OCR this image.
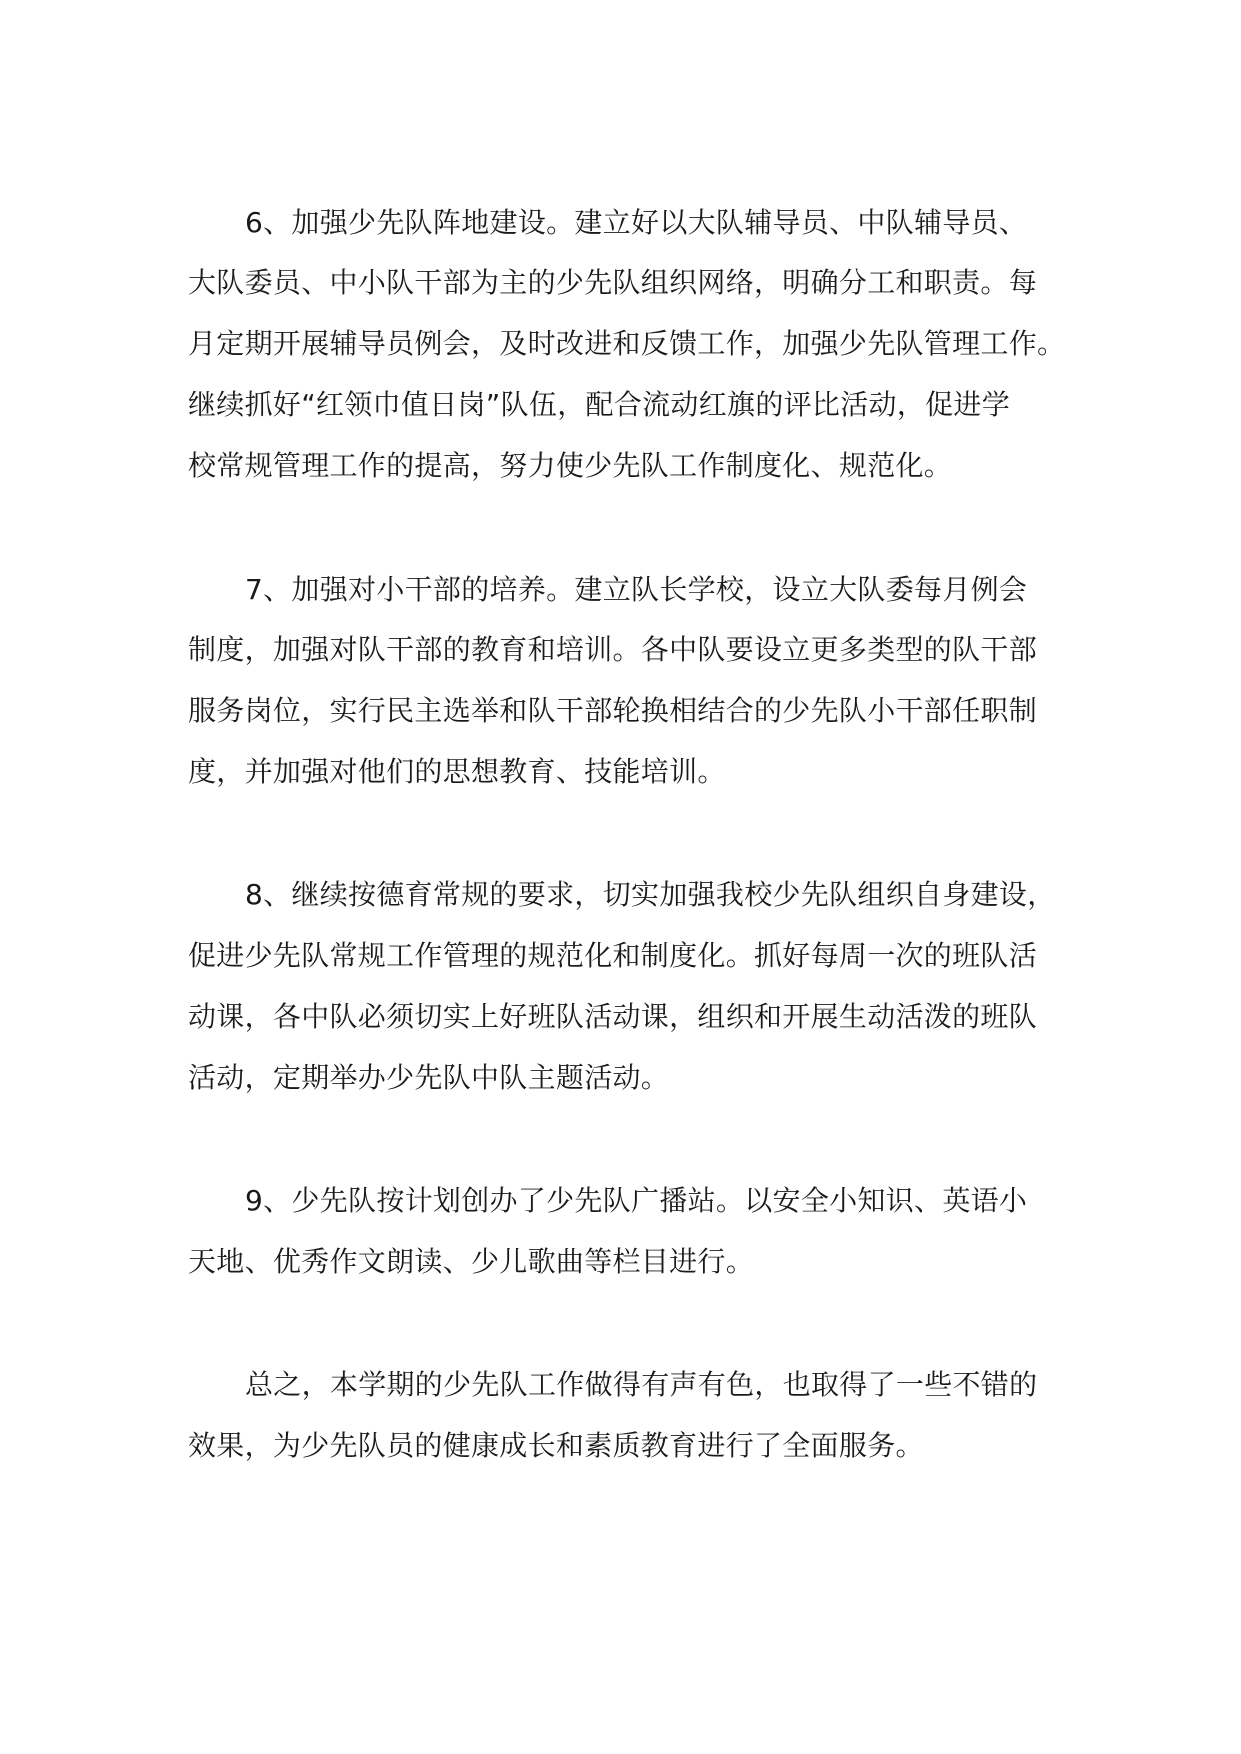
6、加强少先队阵地建设。建立好以大队辅导员、中队辅导员、
大队委员、中小队干部为主的少先队组织网络，明确分工和职责。每
月定期开展辅导员例会，及时改进和反馈工作，加强少先队管理工作。
继续抓好“红领巾值日岗”队伍，配合流动红旗的评比活动，促进学
校常规管理工作的提高，努力使少先队工作制度化、规范化。
7、加强对小干部的培养。建立队长学校，设立大队委每月例会
制度，加强对队干部的教育和培训。各中队要设立更多类型的队干部
服务岗位，实行民主选举和队干部轮换相结合的少先队小干部任职制
度，并加强对他们的思想教育、技能培训。
8、继续按德育常规的要求，切实加强我校少先队组织自身建设，
促进少先队常规工作管理的规范化和制度化。抓好每周一次的班队活
动课，各中队必须切实上好班队活动课，组织和开展生动活泼的班队
活动，定期举办少先队中队主题活动。
9、少先队按计划创办了少先队广播站。以安全小知识、英语小
天地、优秀作文朗读、少儿歌曲等栏目进行。
总之，本学期的少先队工作做得有声有色，也取得了一些不错的
效果，为少先队员的健康成长和素质教育进行了全面服务。
